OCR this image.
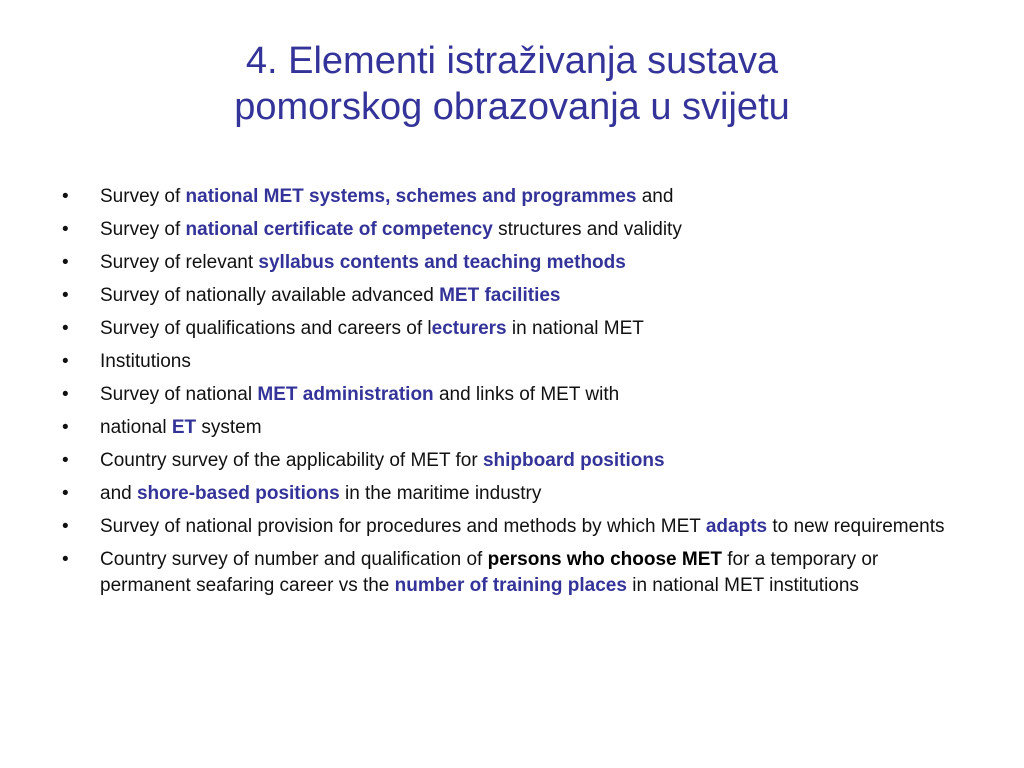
4. Elementi istraživanja sustava
pomorskog obrazovanja u svijetu
•	Survey of national MET systems, schemes and programmes and
•	Survey of national certificate of competency structures and validity
•	Survey of relevant syllabus contents and teaching methods
•	Survey of nationally available advanced MET facilities
•	Survey of qualifications and careers of lecturers in national MET
•	Institutions
•	Survey of national MET administration and links of MET with
•	national ET system
•	Country survey of the applicability of MET for shipboard positions
•	and shore-based positions in the maritime industry
•	Survey of national provision for procedures and methods by which MET adapts to new requirements
•	Country survey of number and qualification of persons who choose MET for a temporary or permanent seafaring career vs the number of training places in national MET institutions
